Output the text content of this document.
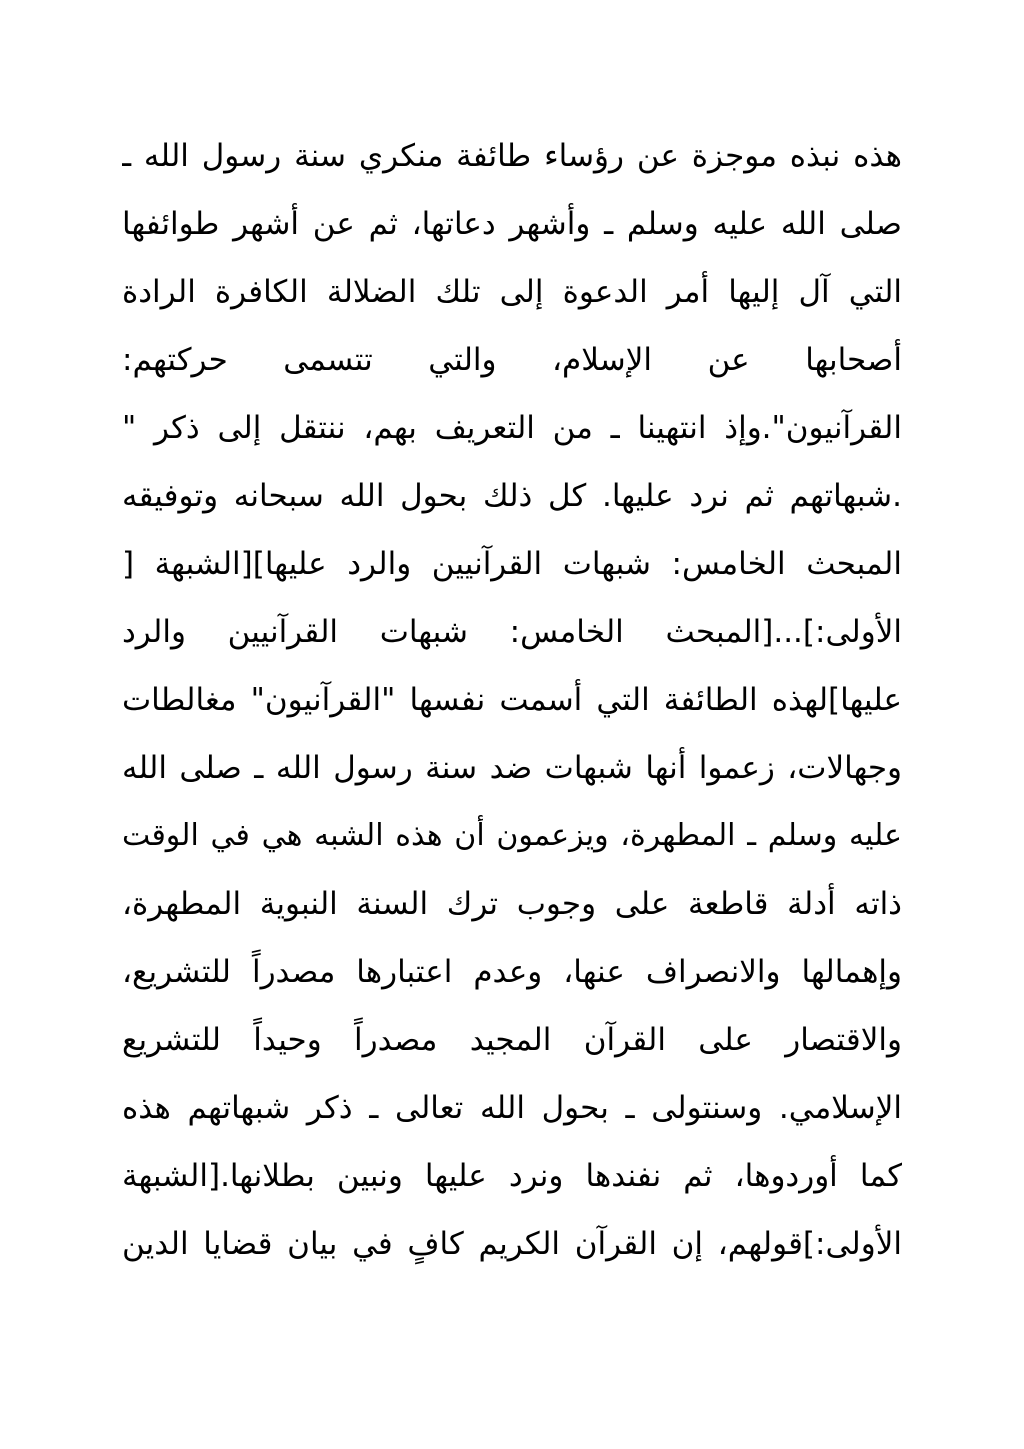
هذه نبذه موجزة عن رؤساء طائفة منكري سنة رسول الله ـ
صلى الله عليه وسلم ـ وأشهر دعاتها، ثم عن أشهر طوائفها
التي آل إليها أمر الدعوة إلى تلك الضلالة الكافرة الرادة
أصحابها عن الإسلام، والتي تتسمى حركتهم:
القرآنيون".وإذ انتهينا ـ من التعريف بهم، ننتقل إلى ذكر "
.شبهاتهم ثم نرد عليها. كل ذلك بحول الله سبحانه وتوفيقه
المبحث الخامس: شبهات القرآنيين والرد عليها][الشبهة [
الأولى:]...[المبحث الخامس: شبهات القرآنيين والرد
عليها]لهذه الطائفة التي أسمت نفسها "القرآنيون" مغالطات
وجهالات، زعموا أنها شبهات ضد سنة رسول الله ـ صلى الله
عليه وسلم ـ المطهرة، ويزعمون أن هذه الشبه هي في الوقت
ذاته أدلة قاطعة على وجوب ترك السنة النبوية المطهرة،
وإهمالها والانصراف عنها، وعدم اعتبارها مصدراً للتشريع،
والاقتصار على القرآن المجيد مصدراً وحيداً للتشريع
الإسلامي. وسنتولى ـ بحول الله تعالى ـ ذكر شبهاتهم هذه
كما أوردوها، ثم نفندها ونرد عليها ونبين بطلانها.[الشبهة
الأولى:]قولهم، إن القرآن الكريم كافٍ في بيان قضايا الدين
